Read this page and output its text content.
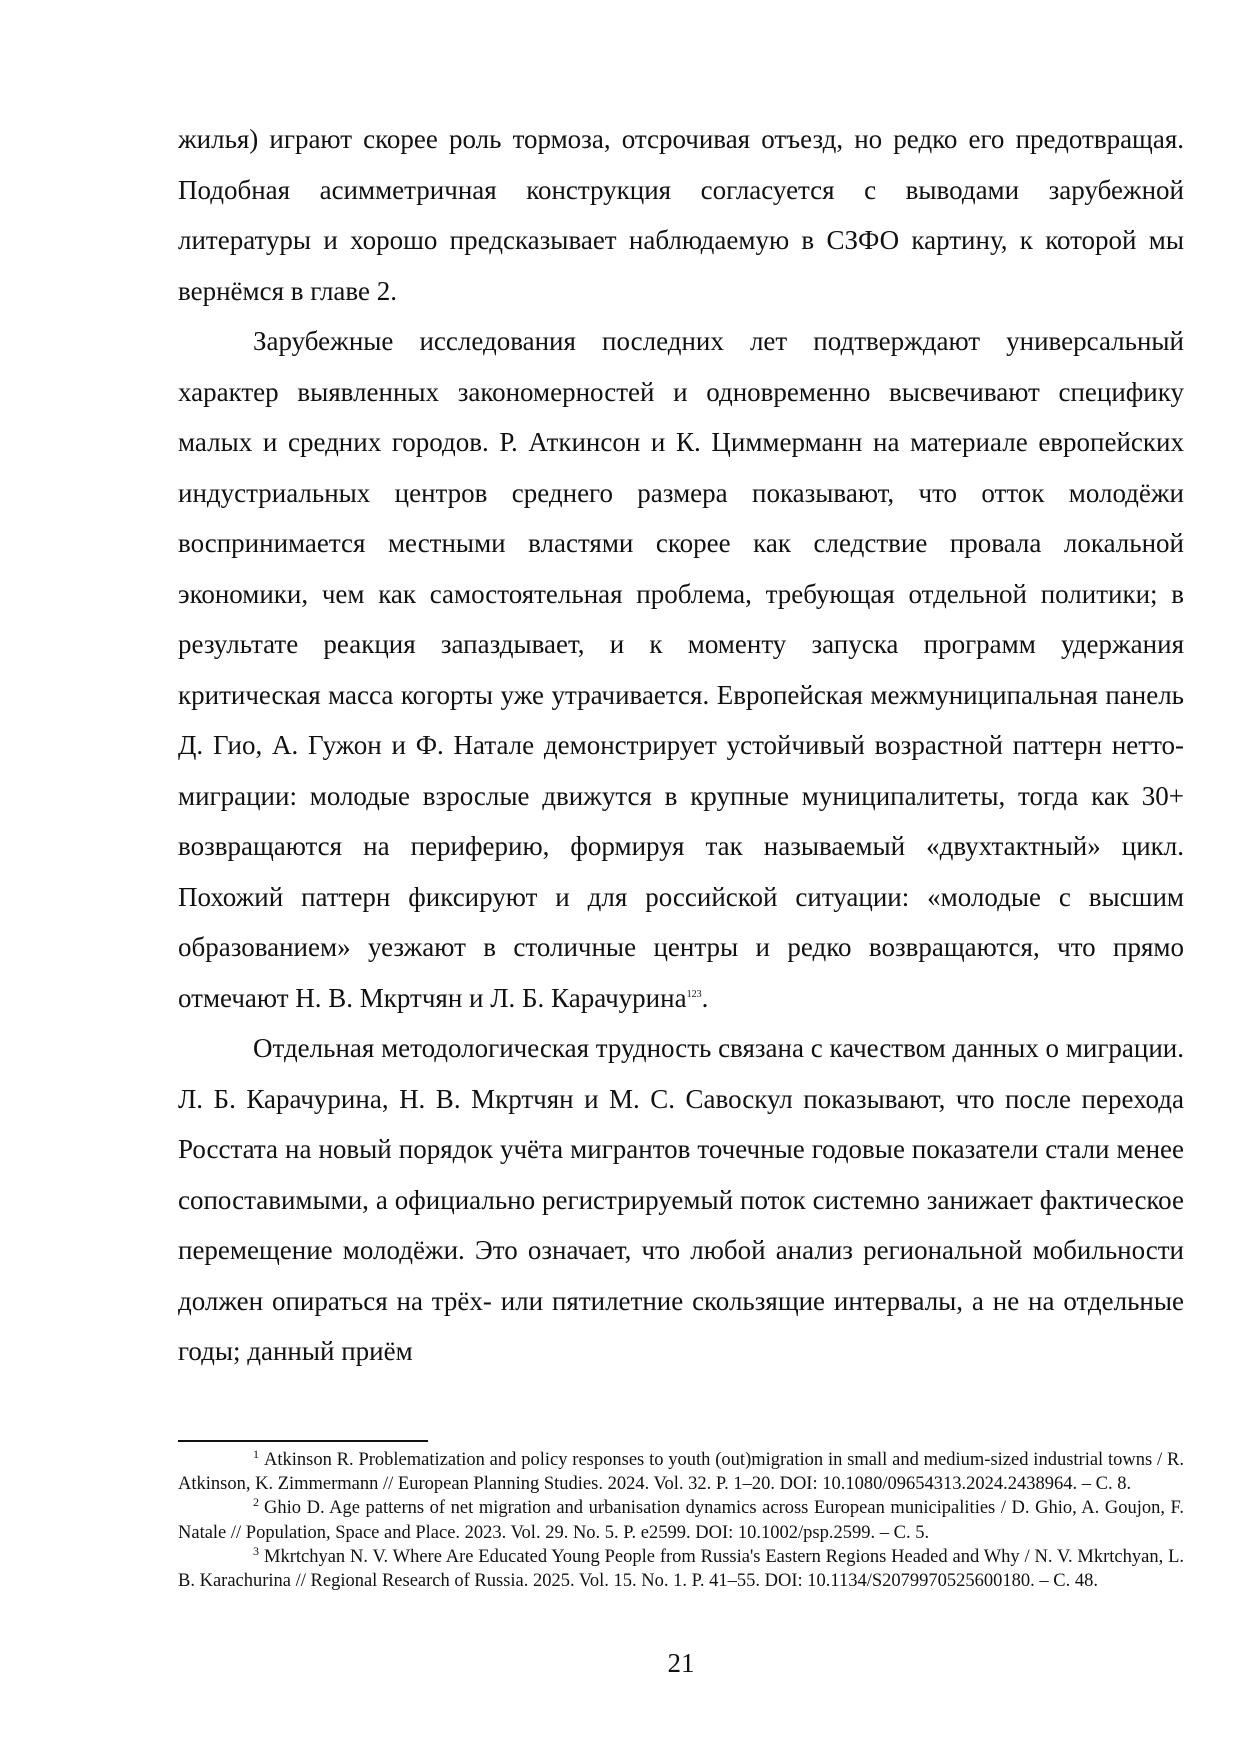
жилья) играют скорее роль тормоза, отсрочивая отъезд, но редко его предотвращая. Подобная асимметричная конструкция согласуется с выводами зарубежной литературы и хорошо предсказывает наблюдаемую в СЗФО картину, к которой мы вернёмся в главе 2.

Зарубежные исследования последних лет подтверждают универсальный характер выявленных закономерностей и одновременно высвечивают специфику малых и средних городов. Р. Аткинсон и К. Циммерманн на материале европейских индустриальных центров среднего размера показывают, что отток молодёжи воспринимается местными властями скорее как следствие провала локальной экономики, чем как самостоятельная проблема, требующая отдельной политики; в результате реакция запаздывает, и к моменту запуска программ удержания критическая масса когорты уже утрачивается. Европейская межмуниципальная панель Д. Гио, А. Гужон и Ф. Натале демонстрирует устойчивый возрастной паттерн нетто-миграции: молодые взрослые движутся в крупные муниципалитеты, тогда как 30+ возвращаются на периферию, формируя так называемый «двухтактный» цикл. Похожий паттерн фиксируют и для российской ситуации: «молодые с высшим образованием» уезжают в столичные центры и редко возвращаются, что прямо отмечают Н. В. Мкртчян и Л. Б. Карачурина$^{123}$.

Отдельная методологическая трудность связана с качеством данных о миграции. Л. Б. Карачурина, Н. В. Мкртчян и М. С. Савоскул показывают, что после перехода Росстата на новый порядок учёта мигрантов точечные годовые показатели стали менее сопоставимыми, а официально регистрируемый поток системно занижает фактическое перемещение молодёжи. Это означает, что любой анализ региональной мобильности должен опираться на трёх- или пятилетние скользящие интервалы, а не на отдельные годы; данный приём

$^1$ Atkinson R. Problematization and policy responses to youth (out)migration in small and medium-sized industrial towns / R. Atkinson, K. Zimmermann // European Planning Studies. 2024. Vol. 32. P. 1–20. DOI: 10.1080/09654313.2024.2438964. – С. 8.

$^2$ Ghio D. Age patterns of net migration and urbanisation dynamics across European municipalities / D. Ghio, A. Goujon, F. Natale // Population, Space and Place. 2023. Vol. 29. No. 5. P. e2599. DOI: 10.1002/psp.2599. – С. 5.

$^3$ Mkrtchyan N. V. Where Are Educated Young People from Russia's Eastern Regions Headed and Why / N. V. Mkrtchyan, L. B. Karachurina // Regional Research of Russia. 2025. Vol. 15. No. 1. P. 41–55. DOI: 10.1134/S2079970525600180. – С. 48.

21
